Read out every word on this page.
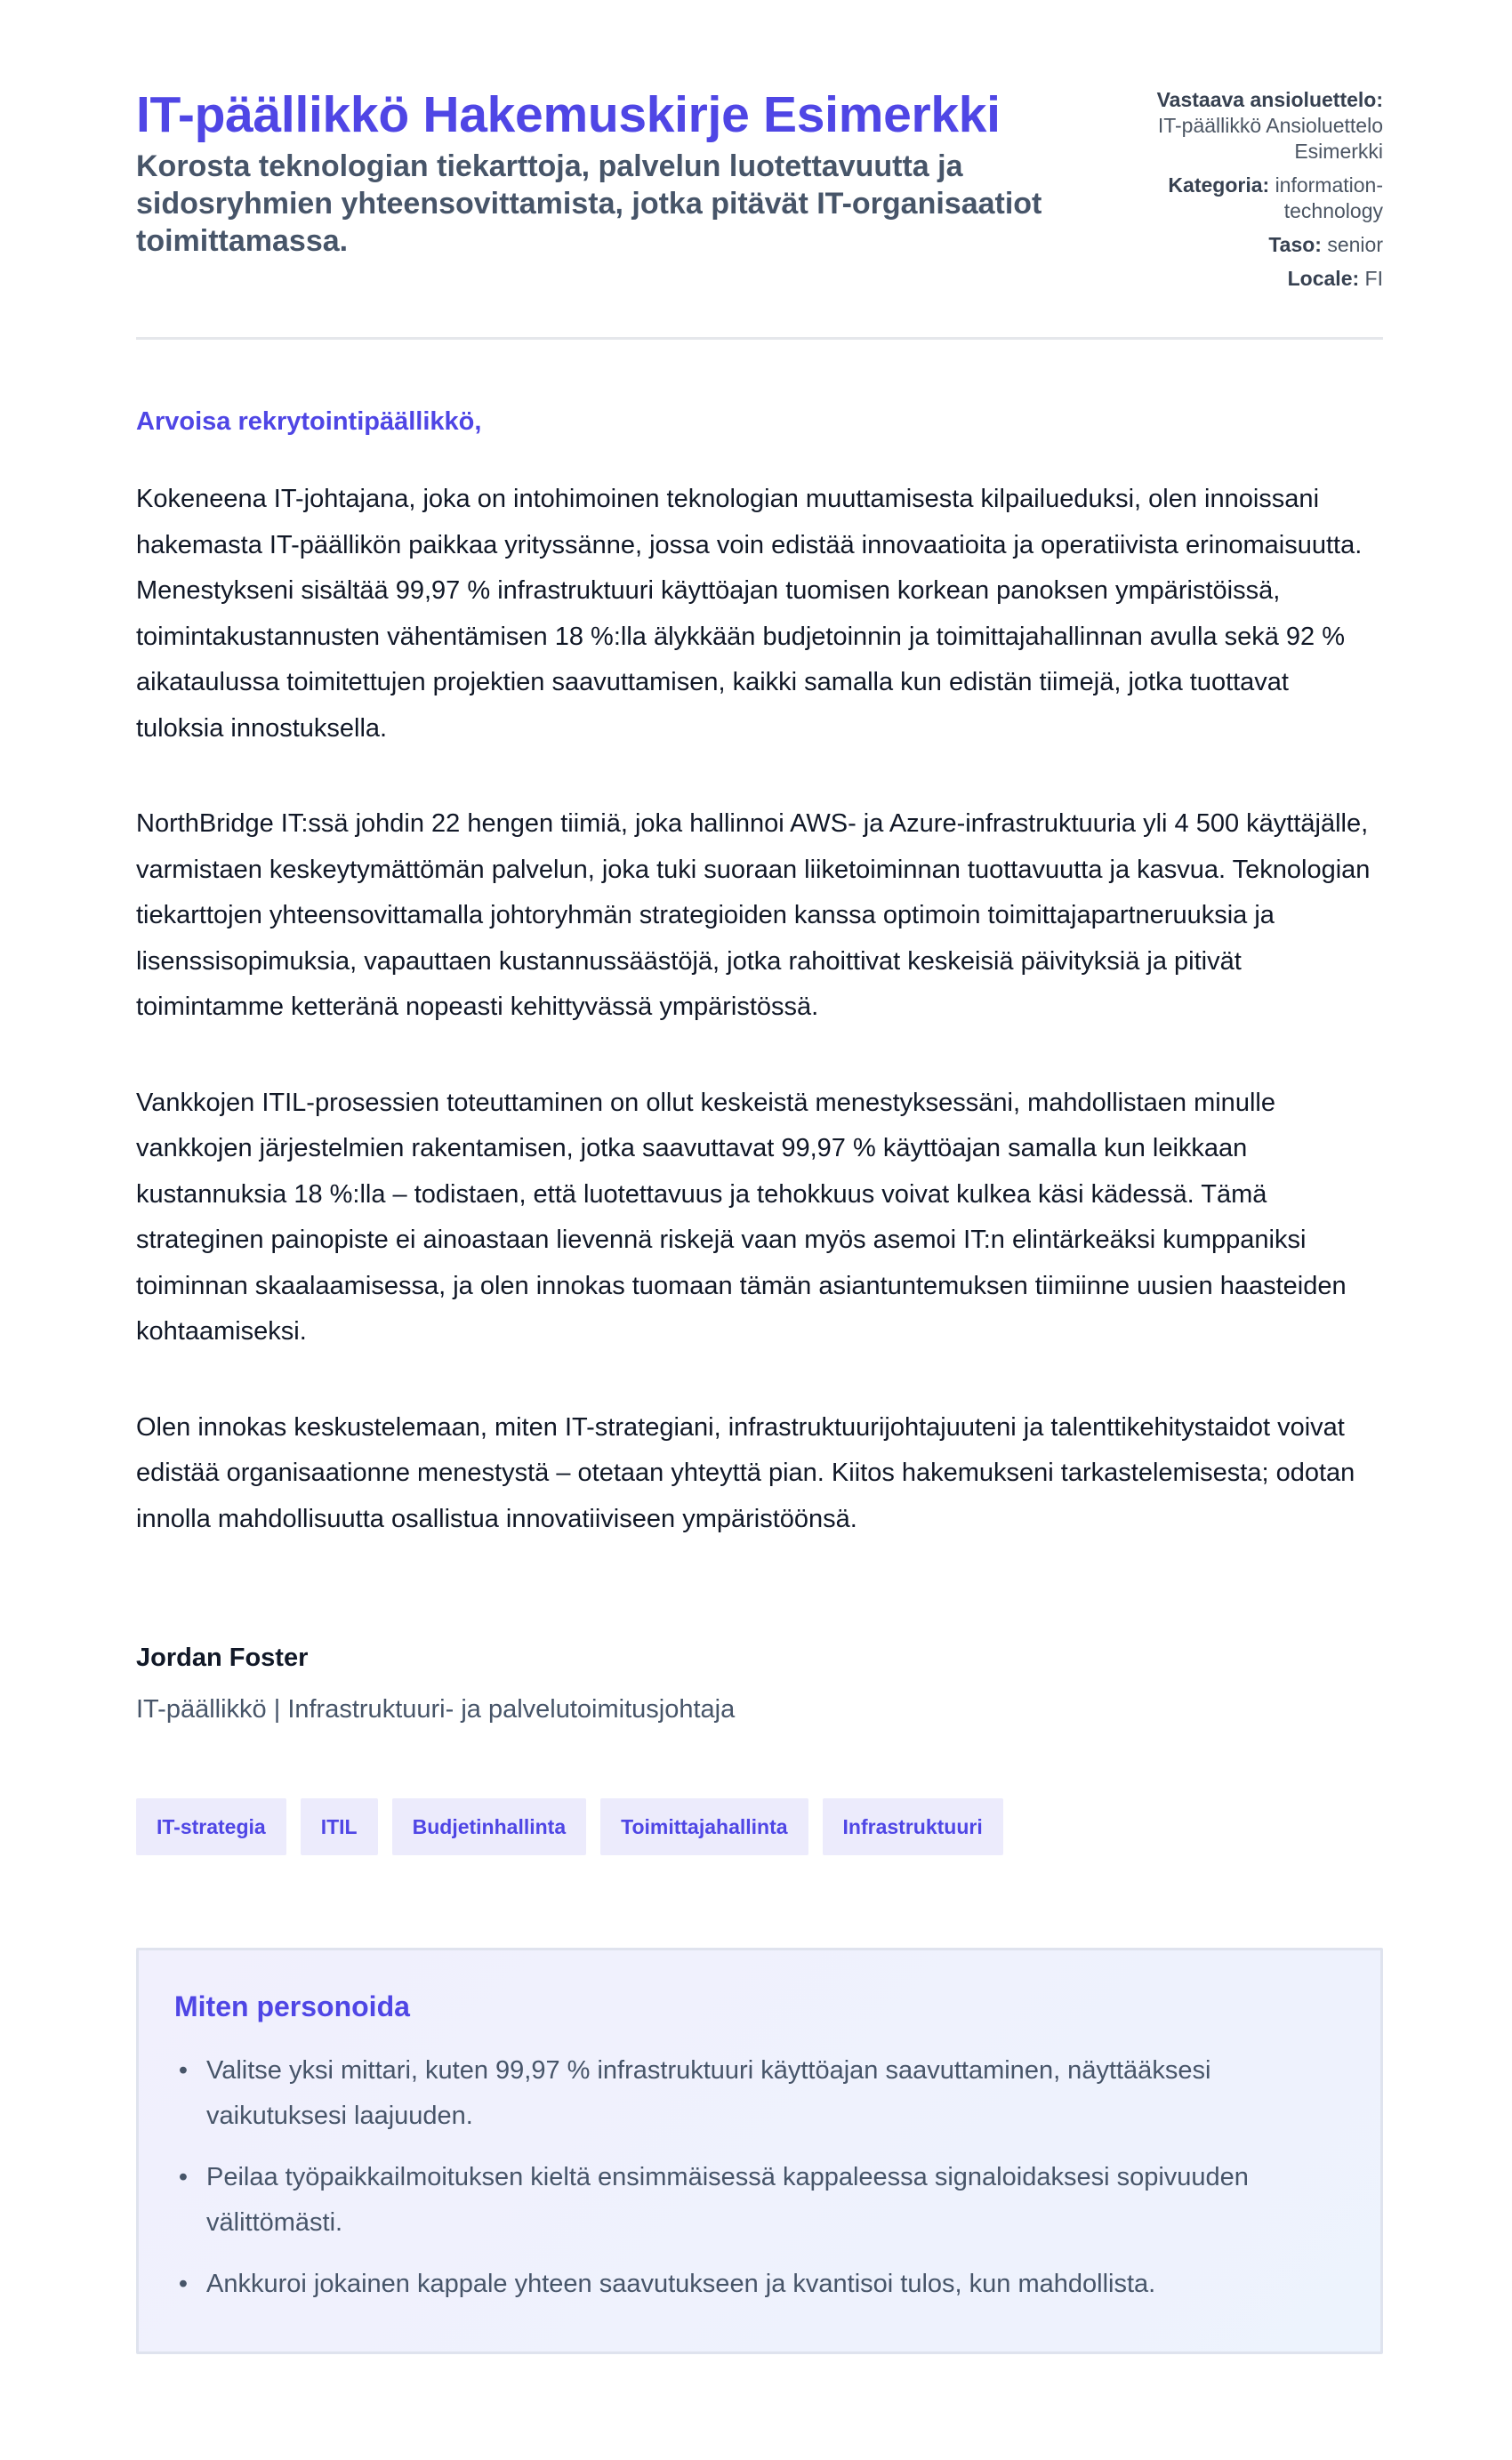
IT-päällikkö Hakemuskirje Esimerkki

Korosta teknologian tiekarttoja, palvelun luotettavuutta ja sidosryhmien yhteensovittamista, jotka pitävät IT-organisaatiot toimittamassa.

Vastaava ansioluettelo:
IT-päällikkö Ansioluettelo Esimerkki
Kategoria: information-technology
Taso: senior
Locale: FI

Arvoisa rekrytointipäällikkö,

Kokeneena IT-johtajana, joka on intohimoinen teknologian muuttamisesta kilpailueduksi, olen innoissani hakemasta IT-päällikön paikkaa yrityssänne, jossa voin edistää innovaatioita ja operatiivista erinomaisuutta. Menestykseni sisältää 99,97 % infrastruktuuri käyttöajan tuomisen korkean panoksen ympäristöissä, toimintakustannusten vähentämisen 18 %:lla älykkään budjetoinnin ja toimittajahallinnan avulla sekä 92 % aikataulussa toimitettujen projektien saavuttamisen, kaikki samalla kun edistän tiimejä, jotka tuottavat tuloksia innostuksella.

NorthBridge IT:ssä johdin 22 hengen tiimiä, joka hallinnoi AWS- ja Azure-infrastruktuuria yli 4 500 käyttäjälle, varmistaen keskeytymättömän palvelun, joka tuki suoraan liiketoiminnan tuottavuutta ja kasvua. Teknologian tiekarttojen yhteensovittamalla johtoryhmän strategioiden kanssa optimoin toimittajapartneruuksia ja lisenssisopimuksia, vapauttaen kustannussäästöjä, jotka rahoittivat keskeisiä päivityksiä ja pitivät toimintamme ketteränä nopeasti kehittyvässä ympäristössä.

Vankkojen ITIL-prosessien toteuttaminen on ollut keskeistä menestyksessäni, mahdollistaen minulle vankkojen järjestelmien rakentamisen, jotka saavuttavat 99,97 % käyttöajan samalla kun leikkaan kustannuksia 18 %:lla – todistaen, että luotettavuus ja tehokkuus voivat kulkea käsi kädessä. Tämä strateginen painopiste ei ainoastaan lievennä riskejä vaan myös asemoi IT:n elintärkeäksi kumppaniksi toiminnan skaalaamisessa, ja olen innokas tuomaan tämän asiantuntemuksen tiimiinne uusien haasteiden kohtaamiseksi.

Olen innokas keskustelemaan, miten IT-strategiani, infrastruktuurijohtajuuteni ja talenttikehitystaidot voivat edistää organisaationne menestystä – otetaan yhteyttä pian. Kiitos hakemukseni tarkastelemisesta; odotan innolla mahdollisuutta osallistua innovatiiviseen ympäristöönsä.

Jordan Foster
IT-päällikkö | Infrastruktuuri- ja palvelutoimitusjohtaja
IT-strategia	ITIL	Budjetinhallinta	Toimittajahallinta	Infrastruktuuri
Miten personoida
• Valitse yksi mittari, kuten 99,97 % infrastruktuuri käyttöajan saavuttaminen, näyttääksesi vaikutuksesi laajuuden.
• Peilaa työpaikkailmoituksen kieltä ensimmäisessä kappaleessa signaloidaksesi sopivuuden välittömästi.
• Ankkuroi jokainen kappale yhteen saavutukseen ja kvantisoi tulos, kun mahdollista.
